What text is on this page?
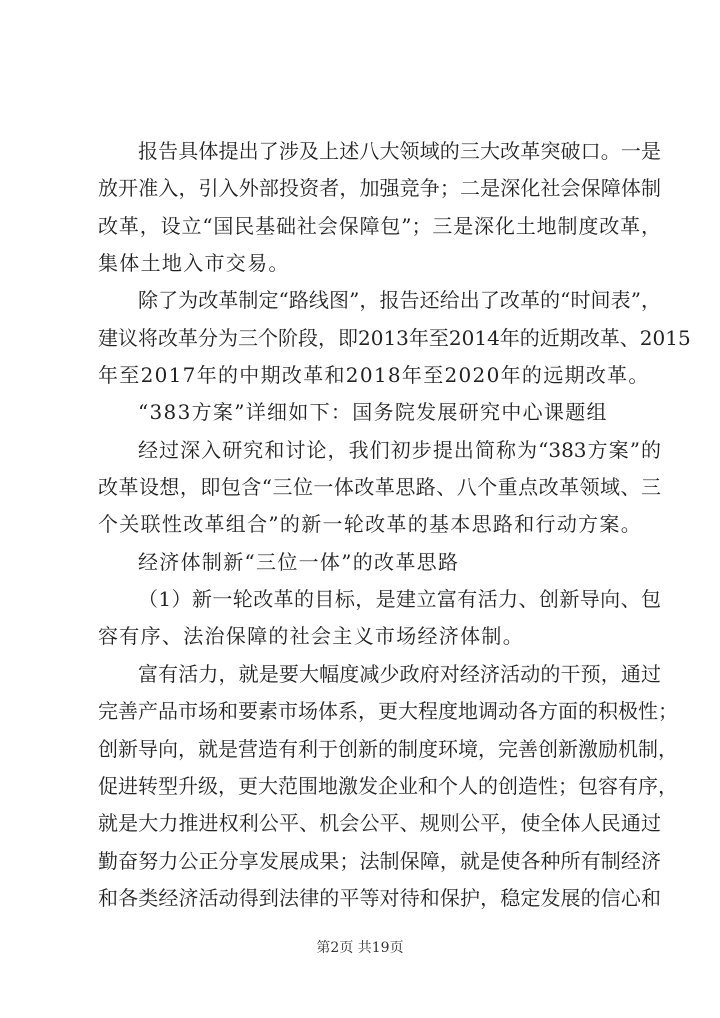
报告具体提出了涉及上述八大领域的三大改革突破口。一是
放开准入，引入外部投资者，加强竞争；二是深化社会保障体制
改革，设立“国民基础社会保障包”；三是深化土地制度改革，
集体土地入市交易。
除了为改革制定“路线图”，报告还给出了改革的“时间表”，
建议将改革分为三个阶段，即2013年至2014年的近期改革、2015
年至2017年的中期改革和2018年至2020年的远期改革。
“383方案”详细如下：国务院发展研究中心课题组
经过深入研究和讨论，我们初步提出简称为“383方案”的
改革设想，即包含“三位一体改革思路、八个重点改革领域、三
个关联性改革组合”的新一轮改革的基本思路和行动方案。
经济体制新“三位一体”的改革思路
（1）新一轮改革的目标，是建立富有活力、创新导向、包
容有序、法治保障的社会主义市场经济体制。
富有活力，就是要大幅度减少政府对经济活动的干预，通过
完善产品市场和要素市场体系，更大程度地调动各方面的积极性；
创新导向，就是营造有利于创新的制度环境，完善创新激励机制，
促进转型升级，更大范围地激发企业和个人的创造性；包容有序，
就是大力推进权利公平、机会公平、规则公平，使全体人民通过
勤奋努力公正分享发展成果；法制保障，就是使各种所有制经济
和各类经济活动得到法律的平等对待和保护，稳定发展的信心和
第2页 共19页
